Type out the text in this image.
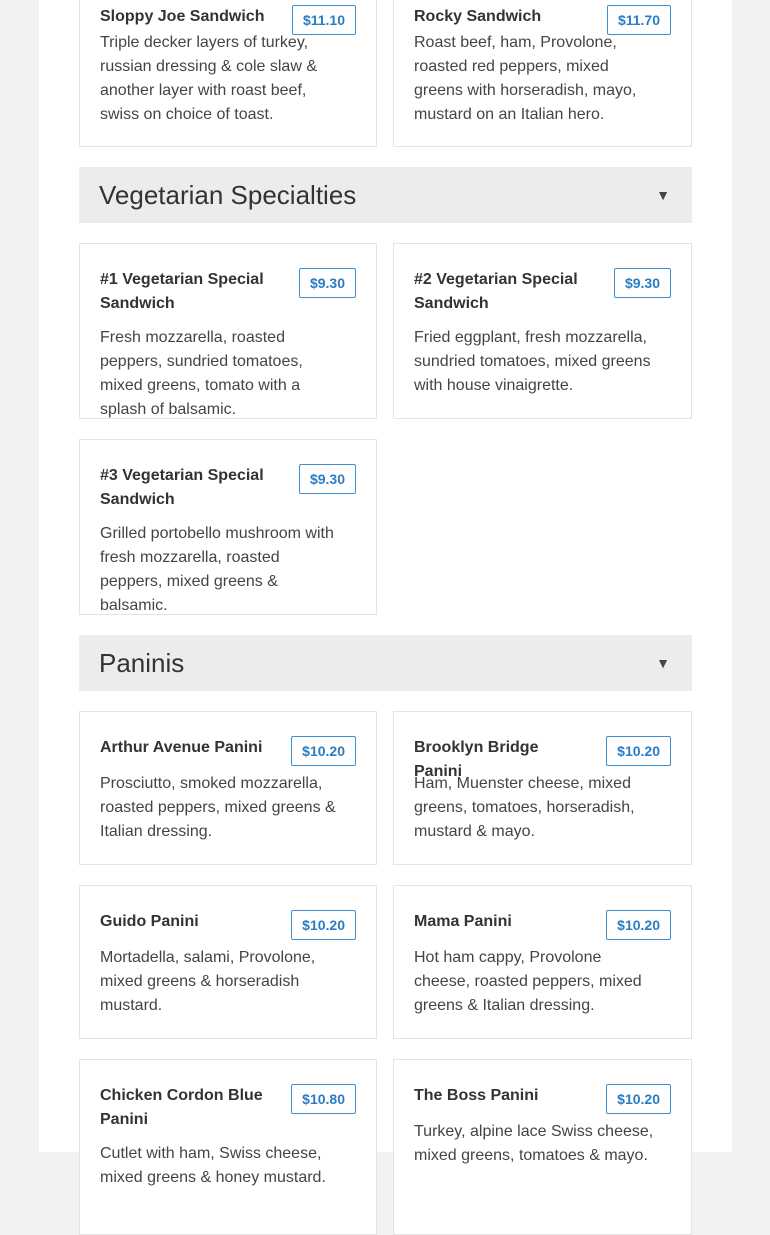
Sloppy Joe Sandwich	$11.10
Triple decker layers of turkey, russian dressing & cole slaw & another layer with roast beef, swiss on choice of toast.
Rocky Sandwich	$11.70
Roast beef, ham, Provolone, roasted red peppers, mixed greens with horseradish, mayo, mustard on an Italian hero.
Vegetarian Specialties	▼
#1 Vegetarian Special Sandwich
$9.30
Fresh mozzarella, roasted peppers, sundried tomatoes, mixed greens, tomato with a splash of balsamic.
#2 Vegetarian Special Sandwich
$9.30
Fried eggplant, fresh mozzarella, sundried tomatoes, mixed greens with house vinaigrette.
#3 Vegetarian Special Sandwich
$9.30
Grilled portobello mushroom with fresh mozzarella, roasted peppers, mixed greens & balsamic.
Paninis	▼
Arthur Avenue Panini	$10.20
Prosciutto, smoked mozzarella, roasted peppers, mixed greens & Italian dressing.
Brooklyn Bridge Panini
$10.20
Ham, Muenster cheese, mixed greens, tomatoes, horseradish, mustard & mayo.
Guido Panini	$10.20
Mortadella, salami, Provolone, mixed greens & horseradish mustard.
Mama Panini	$10.20
Hot ham cappy, Provolone cheese, roasted peppers, mixed greens & Italian dressing.
Chicken Cordon Blue Panini
$10.80
Cutlet with ham, Swiss cheese, mixed greens & honey mustard.
The Boss Panini	$10.20
Turkey, alpine lace Swiss cheese, mixed greens, tomatoes & mayo.
